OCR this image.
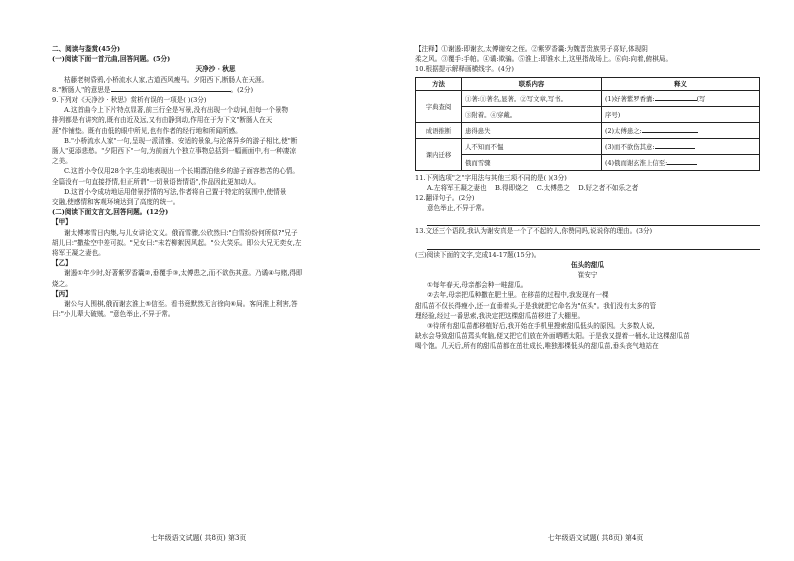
二、阅读与鉴赏(45分)
(一)阅读下面一首元曲,回答问题。(5分)
天净沙 · 秋思
枯藤老树昏鸦,小桥流水人家,古道西风瘦马。夕阳西下,断肠人在天涯。
8."断肠人"的意思是	。(2分)
9.下列对《天净沙 · 秋思》赏析有误的一项是( )(3分)
A.这首曲今上下片特点显著,前三行全是写景,没有出现一个动词,但每一个景物
排列都是有讲究的,既有由近及远,又有由静到动,作用在于为下文"断肠人在天
涯"作铺垫。既有由低的眼中所见,也有作者的经行地和所闻所感。
B."小桥流水人家"一句,呈现一派清雅、安适的景象,与沦落异乡的游子相比,使"断
肠人"更添悲愁。"夕阳西下"一句,为前面九个独立事物总括到一幅画面中,有一种凄凉
之美。
C.这首小令仅用28个字,生动地表现出一个长期漂泊他乡的游子面容愁苦的心情。
全篇没有一句直接抒情,但正所谓"一切景语皆情语",作品因此更加动人。
D.这首小令成功地运用借景抒情的写法,作者将自己置于特定的氛围中,使情景
交融,使感情和客观环境达到了高度的统一。
(二)阅读下面文言文,回答问题。(12分)
【甲】
谢太傅寒雪日内集,与儿女讲论文义。俄而雪骤,公欣然曰:"白雪纷纷何所似?"兄子
胡儿曰:"撒盐空中差可拟。"兄女曰:"未若柳絮因风起。"公大笑乐。即公大兄无奕女,左
将军王凝之妻也。
【乙】
谢遏①年少时,好著紫罗香囊②,垂覆手③,太傅患之,而不欲伤其意。乃谲④与赌,得即
烧之。
【丙】
谢公与人围棋,俄而谢玄淮上⑤信至。看书竟默然无言徐向⑥局。客问淮上利害,答
曰:"小儿辈大破贼。"意色举止,不异于常。
七年级语文试题( 共8页) 第3页
【注释】①谢遏:即谢玄,太傅谢安之侄。②紫罗香囊:为魏晋贵族男子喜好,体现阴
柔之风。③覆手:手帕。④谲:欺骗。⑤淮上:即淮水上,这里指战场上。⑥向:向着,俯棋局。
10.根据提示解释画横线字。(4分)
方法	联系内容	释义
字典查阅	①著:①著名,显著。②写文章,写书。	(1)好著紫罗香囊: (写
	③附着。④穿戴。	序号)
成语推断	患得患失	(2)太傅患之:
课内迁移	人不知而不愠	(3)而不欲伤其意:
	俄而雪骤	(4)俄而谢玄淮上信至:
11.下列选项"之"字用法与其他三项不同的是( )(3分)
A.左将军王凝之妻也 B.得即烧之 C.太傅患之 D.好之者不如乐之者
12.翻译句子。(2分)
意色举止,不异于常。
13.文还三个语段,我认为谢安真是一个了不起的人,你赞同吗,说说你的理由。(3分)
(三)阅读下面的文字,完成14-17题(15分)。
伍头的甜瓜
崔安宁
①每年春天,母亲都会种一畦甜瓜。
②去年,母亲把瓜种撒在肥土里。在移苗的过程中,我发现有一棵
甜瓜苗不仅长得瘦小,还一直垂着头,于是我就把它命名为"伍头"。我们没有太多的管
理经验,经过一番思索,我决定把这棵甜瓜苗移进了大棚里。
③待所有甜瓜苗都移植好后,我开始在手机里搜索甜瓜低头的原因。大多数人说,
缺水会导致甜瓜苗蔫头耷脑,便又把它们放在外面晒晒太阳。于是我又提着一桶水,让这棵甜瓜苗
喝个饱。几天后,所有的甜瓜苗都在茁壮成长,唯独那棵低头的甜瓜苗,垂头丧气地站在
七年级语文试题( 共8页) 第4页
